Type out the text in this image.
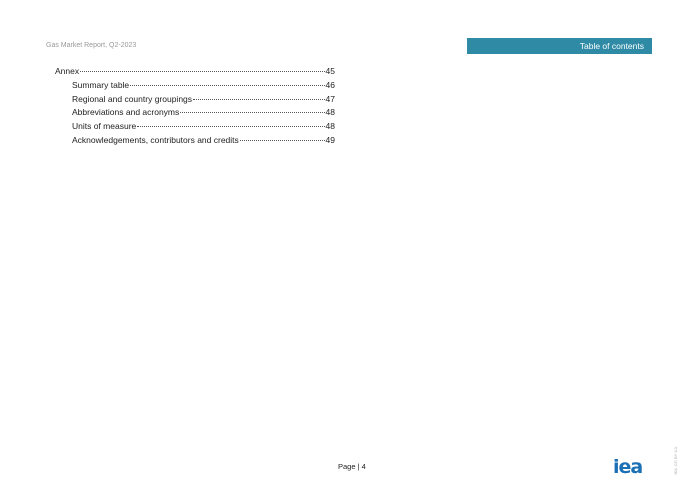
Gas Market Report, Q2-2023	Table of contents
Annex	45
Summary table	46
Regional and country groupings	47
Abbreviations and acronyms	48
Units of measure	48
Acknowledgements, contributors and credits	49
Page | 4	iea	IEA. CC BY 4.0.
